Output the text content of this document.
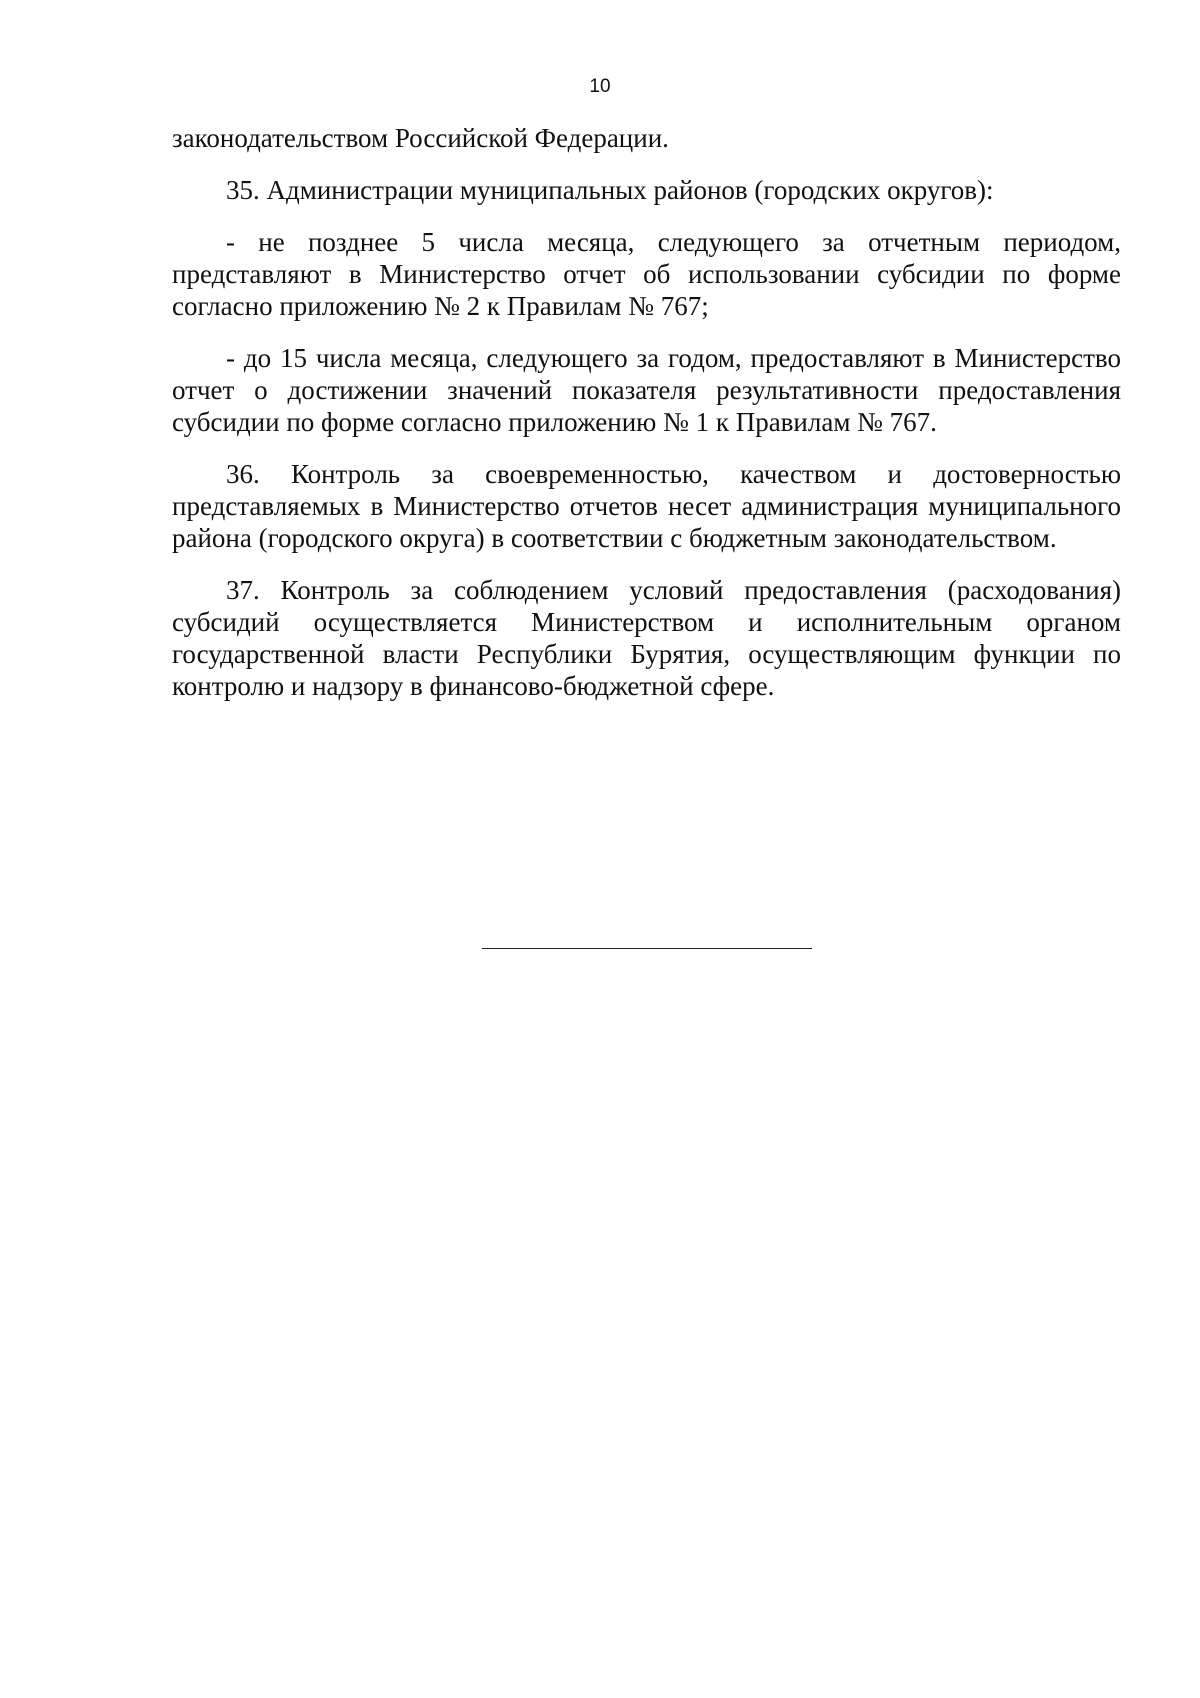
10

законодательством Российской Федерации.

35. Администрации муниципальных районов (городских округов):

- не позднее 5 числа месяца, следующего за отчетным периодом, представляют в Министерство отчет об использовании субсидии по форме согласно приложению № 2 к Правилам № 767;

- до 15 числа месяца, следующего за годом, предоставляют в Министерство отчет о достижении значений показателя результативности предоставления субсидии по форме согласно приложению № 1 к Правилам № 767.

36. Контроль за своевременностью, качеством и достоверностью представляемых в Министерство отчетов несет администрация муниципального района (городского округа) в соответствии с бюджетным законодательством.

37. Контроль за соблюдением условий предоставления (расходования) субсидий осуществляется Министерством и исполнительным органом государственной власти Республики Бурятия, осуществляющим функции по контролю и надзору в финансово-бюджетной сфере.
